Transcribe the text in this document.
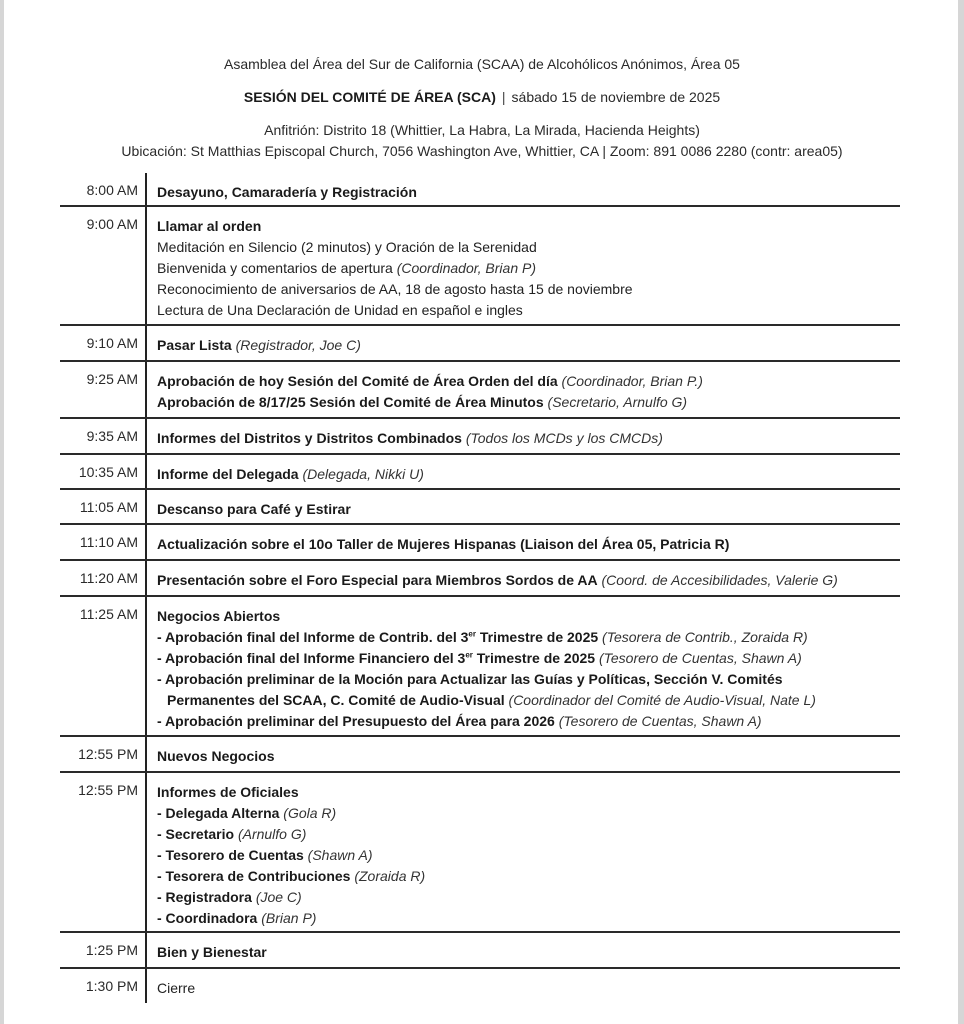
Asamblea del Área del Sur de California (SCAA) de Alcohólicos Anónimos, Área 05
SESIÓN DEL COMITÉ DE ÁREA (SCA) | sábado 15 de noviembre de 2025
Anfitrión: Distrito 18 (Whittier, La Habra, La Mirada, Hacienda Heights)
Ubicación: St Matthias Episcopal Church, 7056 Washington Ave, Whittier, CA | Zoom: 891 0086 2280 (contr: area05)
8:00 AM Desayuno, Camaradería y Registración
9:00 AM Llamar al orden
Meditación en Silencio (2 minutos) y Oración de la Serenidad
Bienvenida y comentarios de apertura (Coordinador, Brian P)
Reconocimiento de aniversarios de AA, 18 de agosto hasta 15 de noviembre
Lectura de Una Declaración de Unidad en español e ingles
9:10 AM Pasar Lista (Registrador, Joe C)
9:25 AM Aprobación de hoy Sesión del Comité de Área Orden del día (Coordinador, Brian P.)
Aprobación de 8/17/25 Sesión del Comité de Área Minutos (Secretario, Arnulfo G)
9:35 AM Informes del Distritos y Distritos Combinados (Todos los MCDs y los CMCDs)
10:35 AM Informe del Delegada (Delegada, Nikki U)
11:05 AM Descanso para Café y Estirar
11:10 AM Actualización sobre el 10o Taller de Mujeres Hispanas (Liaison del Área 05, Patricia R)
11:20 AM Presentación sobre el Foro Especial para Miembros Sordos de AA (Coord. de Accesibilidades, Valerie G)
11:25 AM Negocios Abiertos
- Aprobación final del Informe de Contrib. del 3er Trimestre de 2025 (Tesorera de Contrib., Zoraida R)
- Aprobación final del Informe Financiero del 3er Trimestre de 2025 (Tesorero de Cuentas, Shawn A)
- Aprobación preliminar de la Moción para Actualizar las Guías y Políticas, Sección V. Comités
Permanentes del SCAA, C. Comité de Audio-Visual (Coordinador del Comité de Audio-Visual, Nate L)
- Aprobación preliminar del Presupuesto del Área para 2026 (Tesorero de Cuentas, Shawn A)
12:55 PM Nuevos Negocios
12:55 PM Informes de Oficiales
- Delegada Alterna (Gola R)
- Secretario (Arnulfo G)
- Tesorero de Cuentas (Shawn A)
- Tesorera de Contribuciones (Zoraida R)
- Registradora (Joe C)
- Coordinadora (Brian P)
1:25 PM Bien y Bienestar
1:30 PM Cierre
